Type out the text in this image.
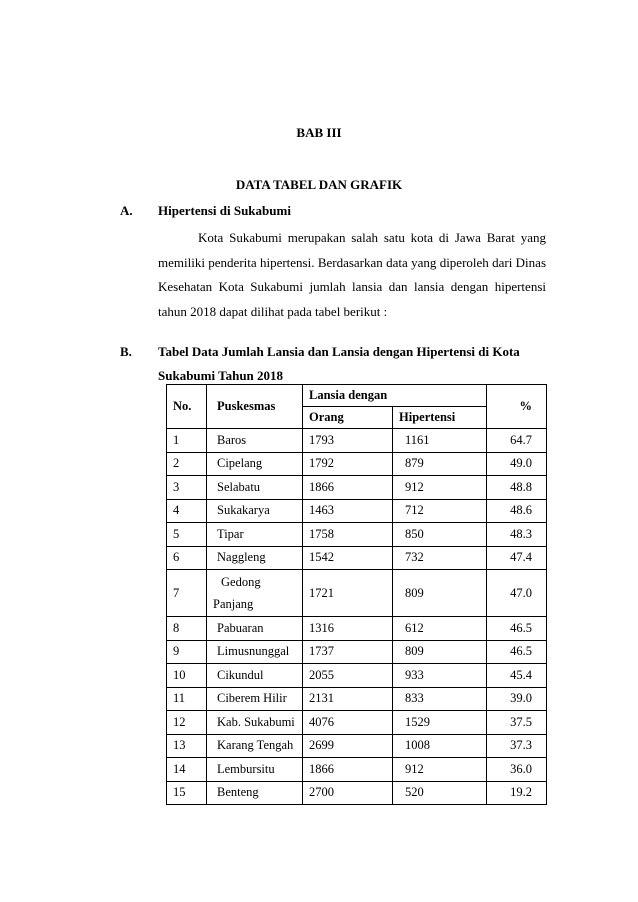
BAB III
DATA TABEL DAN GRAFIK
A. Hipertensi di Sukabumi

Kota Sukabumi merupakan salah satu kota di Jawa Barat yang memiliki penderita hipertensi. Berdasarkan data yang diperoleh dari Dinas Kesehatan Kota Sukabumi jumlah lansia dan lansia dengan hipertensi tahun 2018 dapat dilihat pada tabel berikut :

B. Tabel Data Jumlah Lansia dan Lansia dengan Hipertensi di Kota
Sukabumi Tahun 2018
No.	Puskesmas	Lansia dengan		%
		Orang	Hipertensi	
1	Baros	1793	1161	64.7
2	Cipelang	1792	879	49.0
3	Selabatu	1866	912	48.8
4	Sukakarya	1463	712	48.6
5	Tipar	1758	850	48.3
6	Naggleng	1542	732	47.4
7	Gedong
Panjang	1721	809	47.0
8	Pabuaran	1316	612	46.5
9	Limusnunggal	1737	809	46.5
10	Cikundul	2055	933	45.4
11	Ciberem Hilir	2131	833	39.0
12	Kab. Sukabumi	4076	1529	37.5
13	Karang Tengah	2699	1008	37.3
14	Lembursitu	1866	912	36.0
15	Benteng	2700	520	19.2
